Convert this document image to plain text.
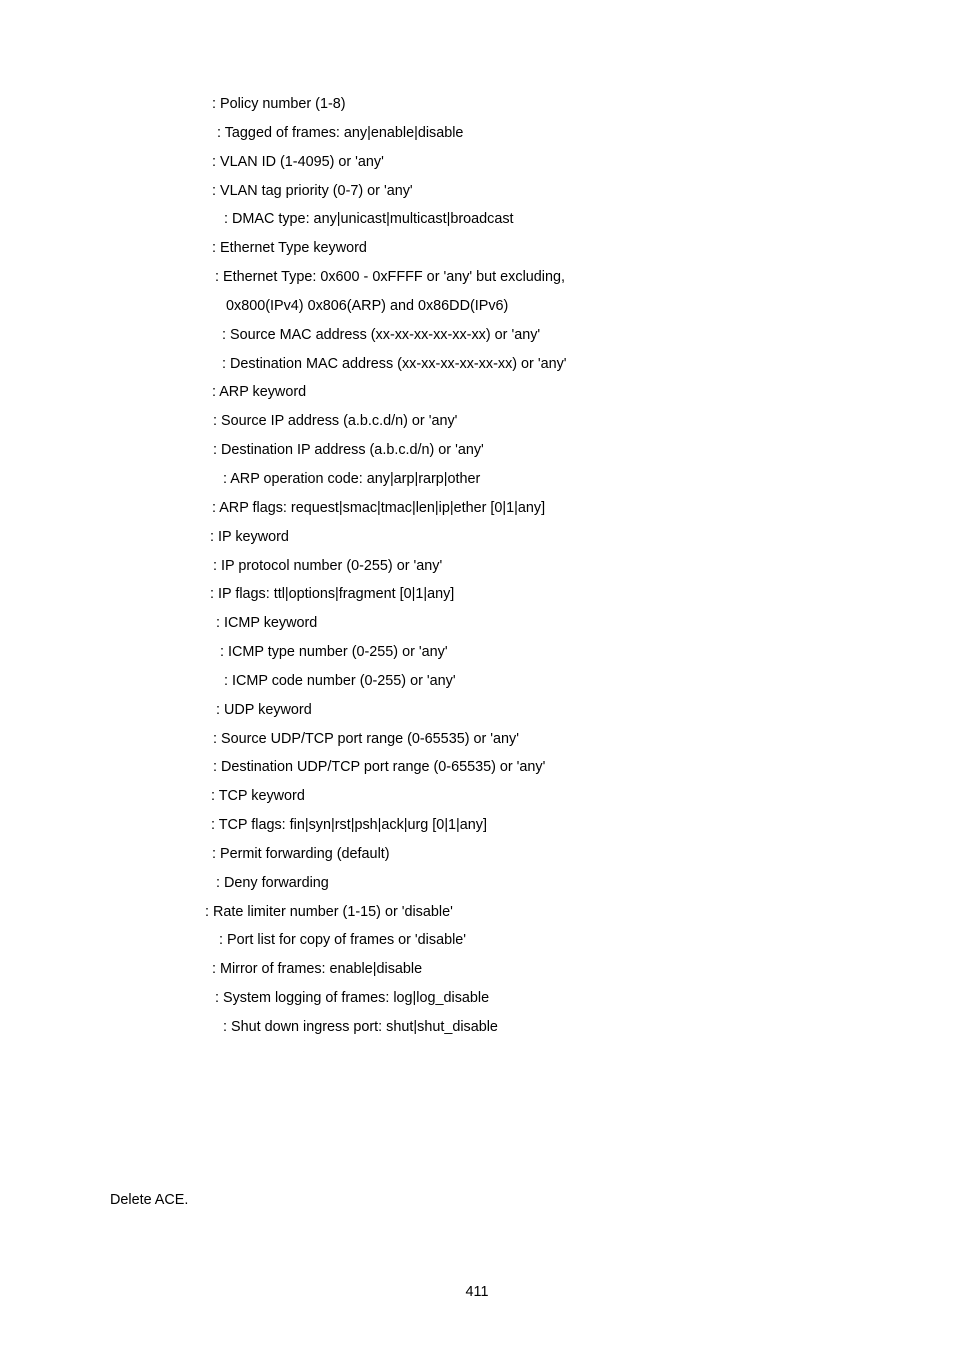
: Policy number (1-8)
: Tagged of frames: any|enable|disable
: VLAN ID (1-4095) or 'any'
: VLAN tag priority (0-7) or 'any'
: DMAC type: any|unicast|multicast|broadcast
: Ethernet Type keyword
: Ethernet Type: 0x600 - 0xFFFF or 'any' but excluding,
0x800(IPv4) 0x806(ARP) and 0x86DD(IPv6)
: Source MAC address (xx-xx-xx-xx-xx-xx) or 'any'
: Destination MAC address (xx-xx-xx-xx-xx-xx) or 'any'
: ARP keyword
: Source IP address (a.b.c.d/n) or 'any'
: Destination IP address (a.b.c.d/n) or 'any'
: ARP operation code: any|arp|rarp|other
: ARP flags: request|smac|tmac|len|ip|ether [0|1|any]
: IP keyword
: IP protocol number (0-255) or 'any'
: IP flags: ttl|options|fragment [0|1|any]
: ICMP keyword
: ICMP type number (0-255) or 'any'
: ICMP code number (0-255) or 'any'
: UDP keyword
: Source UDP/TCP port range (0-65535) or 'any'
: Destination UDP/TCP port range (0-65535) or 'any'
: TCP keyword
: TCP flags: fin|syn|rst|psh|ack|urg [0|1|any]
: Permit forwarding (default)
: Deny forwarding
: Rate limiter number (1-15) or 'disable'
: Port list for copy of frames or 'disable'
: Mirror of frames: enable|disable
: System logging of frames: log|log_disable
: Shut down ingress port: shut|shut_disable
Delete ACE.
411
